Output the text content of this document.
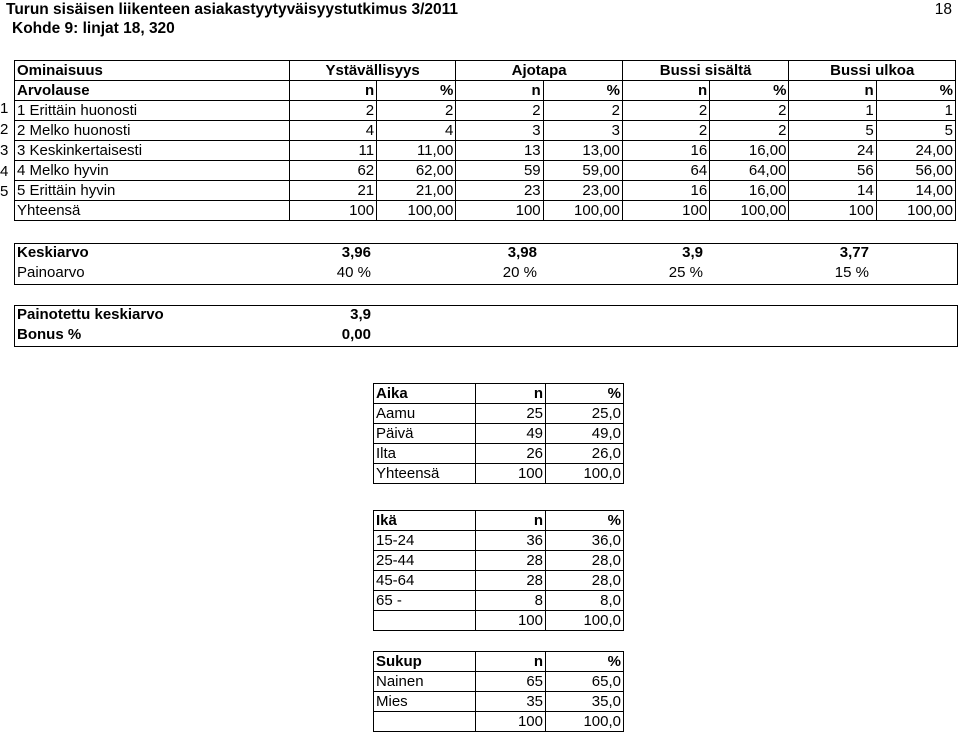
Turun sisäisen liikenteen asiakastyytyväisyystutkimus 3/2011
Kohde 9: linjat 18, 320
18
1
2
3
4
5
Ominaisuus	Ystävällisyys		Ajotapa		Bussi sisältä		Bussi ulkoa	
Arvolause	n	%	n	%	n	%	n	%
1 Erittäin huonosti	2	2	2	2	2	2	1	1
2 Melko huonosti	4	4	3	3	2	2	5	5
3 Keskinkertaisesti	11	11,00	13	13,00	16	16,00	24	24,00
4 Melko hyvin	62	62,00	59	59,00	64	64,00	56	56,00
5 Erittäin hyvin	21	21,00	23	23,00	16	16,00	14	14,00
Yhteensä	100	100,00	100	100,00	100	100,00	100	100,00
Keskiarvo	3,96	3,98	3,9	3,77
Painoarvo	40 %	20 %	25 %	15 %
Painotettu keskiarvo	3,9
Bonus %	0,00
Aika	n	%
Aamu	25	25,0
Päivä	49	49,0
Ilta	26	26,0
Yhteensä	100	100,0
Ikä	n	%
15-24	36	36,0
25-44	28	28,0
45-64	28	28,0
65 -	8	8,0
	100	100,0
Sukup	n	%
Nainen	65	65,0
Mies	35	35,0
	100	100,0
